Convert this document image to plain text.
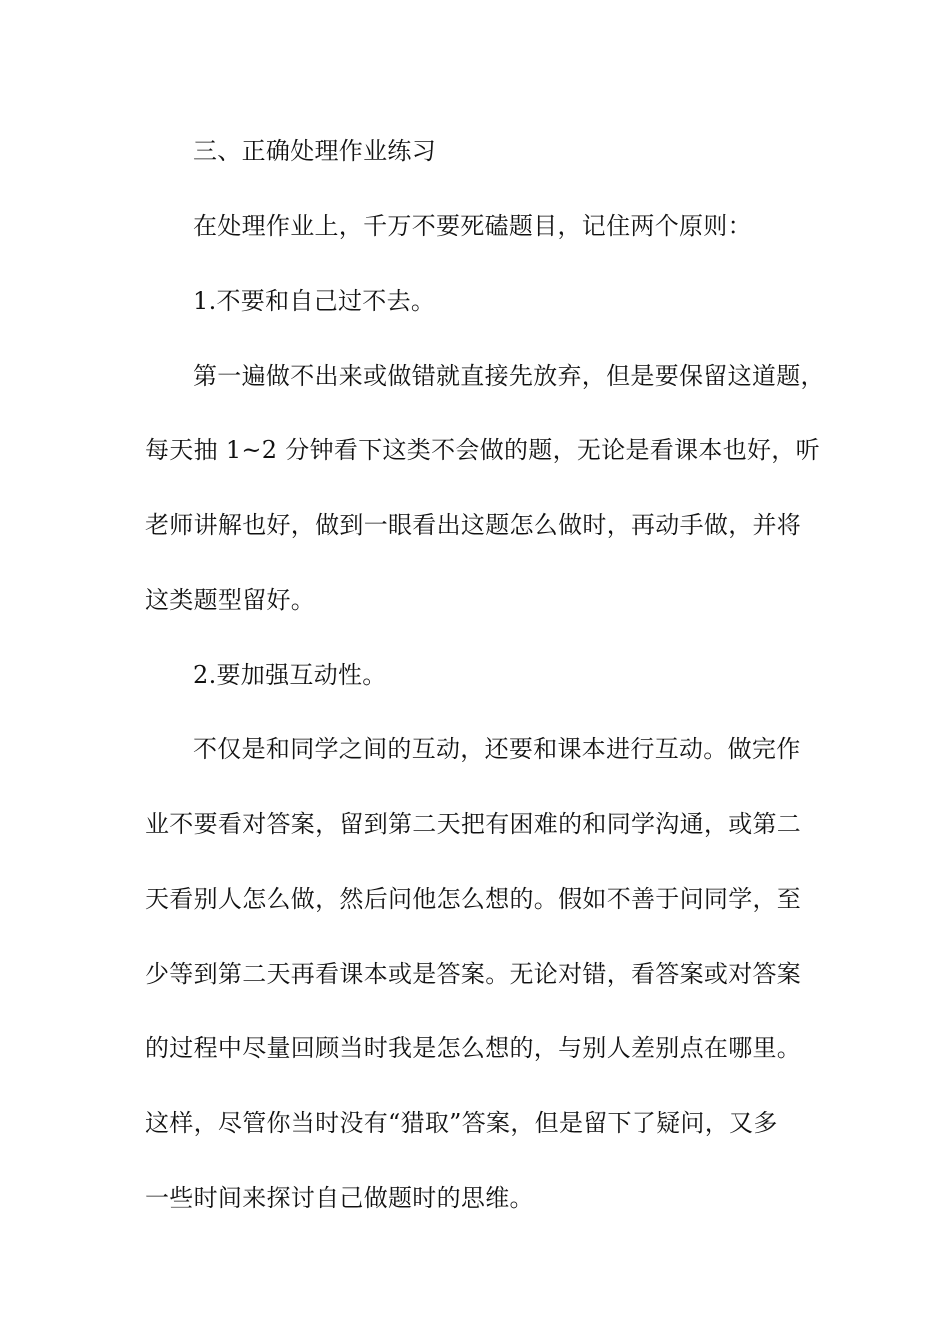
三、正确处理作业练习
在处理作业上，千万不要死磕题目，记住两个原则：
1.不要和自己过不去。
第一遍做不出来或做错就直接先放弃，但是要保留这道题，
每天抽 1~2 分钟看下这类不会做的题，无论是看课本也好，听
老师讲解也好，做到一眼看出这题怎么做时，再动手做，并将
这类题型留好。
2.要加强互动性。
不仅是和同学之间的互动，还要和课本进行互动。做完作
业不要看对答案，留到第二天把有困难的和同学沟通，或第二
天看别人怎么做，然后问他怎么想的。假如不善于问同学，至
少等到第二天再看课本或是答案。无论对错，看答案或对答案
的过程中尽量回顾当时我是怎么想的，与别人差别点在哪里。
这样，尽管你当时没有“猎取”答案，但是留下了疑问，又多
一些时间来探讨自己做题时的思维。
